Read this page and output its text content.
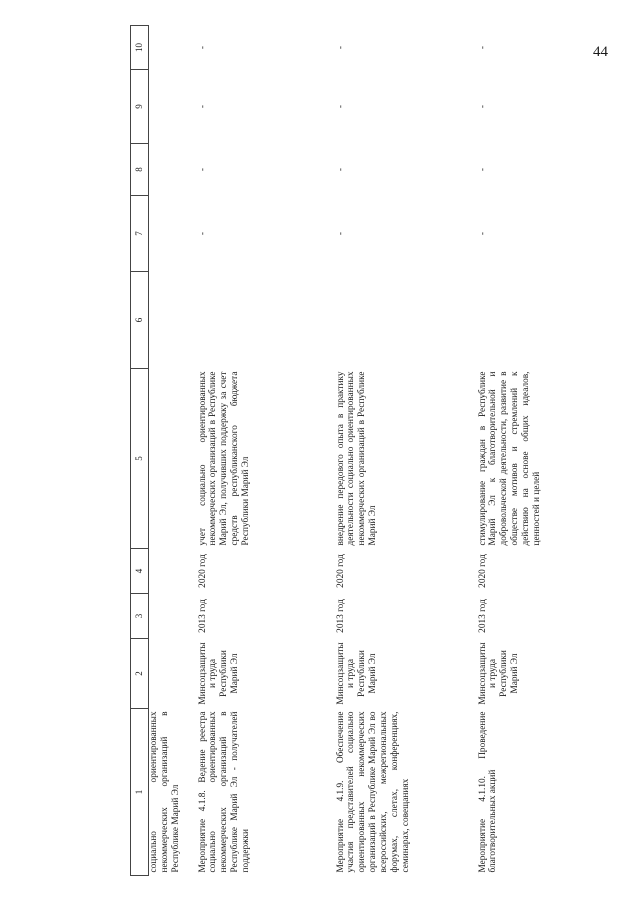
44
1	2	3	4	5	6	7	8	9	10
социально ориентированных некоммерческих организаций в Республике Марий Эл									
Мероприятие 4.1.8. Ведение реестра социально ориентированных некоммерческих организаций в Республике Марий Эл - получателей поддержки	Минсоцзащиты и труда Республики Марий Эл	2013 год	2020 год	учет социально ориентированных некоммерческих организаций в Республике Марий Эл, получивших поддержку за счет средств республиканского бюджета Республики Марий Эл		-	-	-	-
Мероприятие 4.1.9. Обеспечение участия представителей социально ориентированных некоммерческих организаций в Республике Марий Эл во всероссийских, межрегиональных форумах, слетах, конференциях, семинарах, совещаниях	Минсоцзащиты и труда Республики Марий Эл	2013 год	2020 год	внедрение передового опыта в практику деятельности социально ориентированных некоммерческих организаций в Республике Марий Эл		-	-	-	-
Мероприятие 4.1.10. Проведение благотворительных акций	Минсоцзащиты и труда Республики Марий Эл	2013 год	2020 год	стимулирование граждан в Республике Марий Эл к благотворительной и добровольческой деятельности, развитие в обществе мотивов и стремлений к действию на основе общих идеалов, ценностей и целей		-	-	-	-
